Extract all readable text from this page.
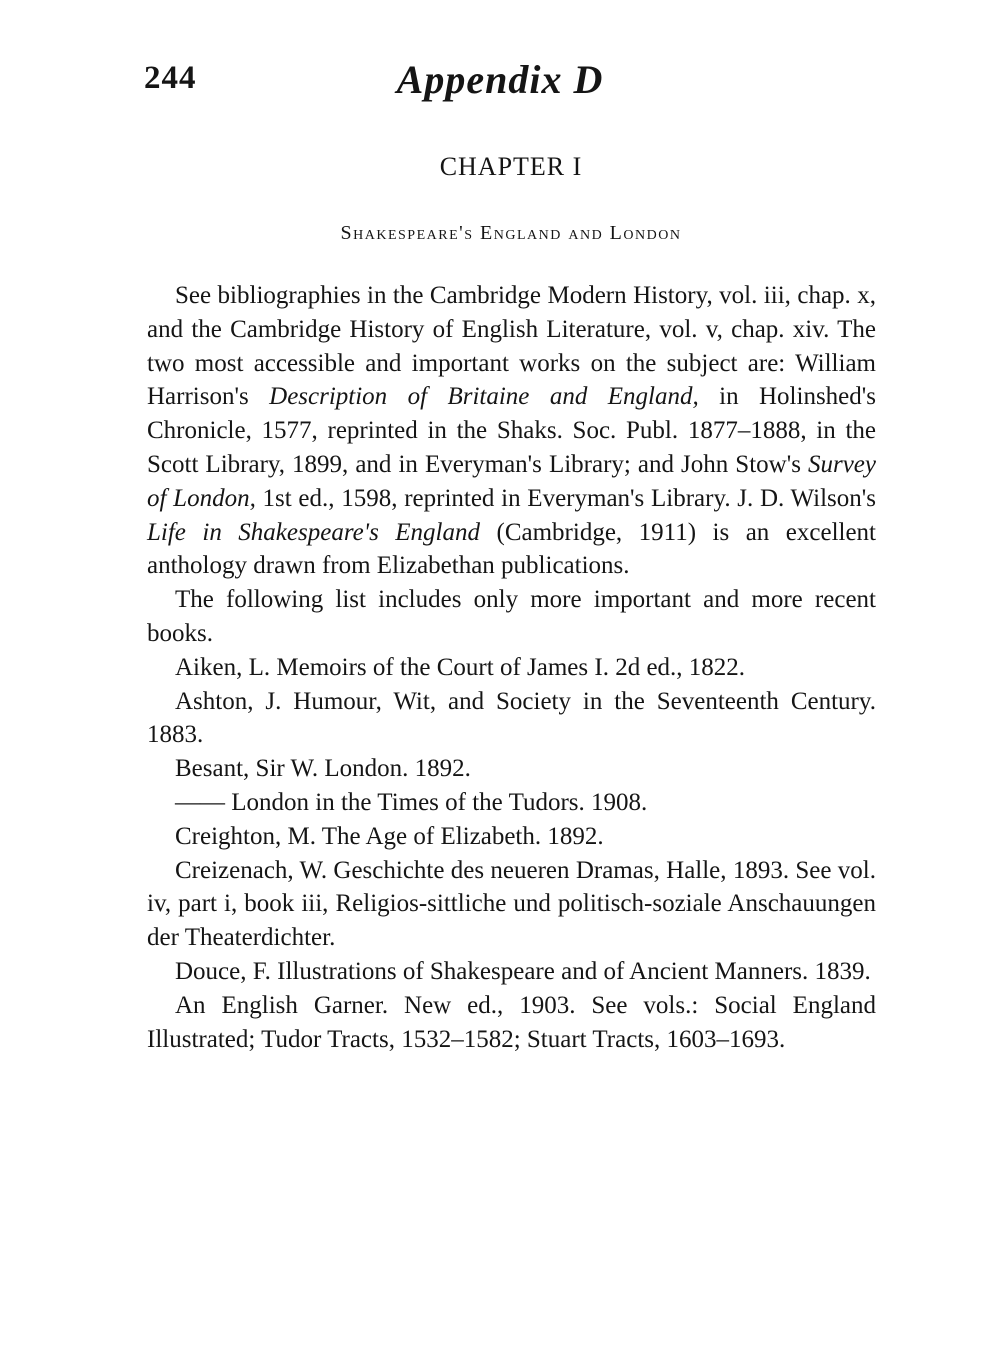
244	Appendix D
CHAPTER I
Shakespeare's England and London

See bibliographies in the Cambridge Modern History, vol. iii, chap. x, and the Cambridge History of English Literature, vol. v, chap. xiv. The two most accessible and important works on the subject are: William Harrison's Description of Britaine and England, in Holinshed's Chronicle, 1577, reprinted in the Shaks. Soc. Publ. 1877–1888, in the Scott Library, 1899, and in Everyman's Library; and John Stow's Survey of London, 1st ed., 1598, reprinted in Everyman's Library. J. D. Wilson's Life in Shakespeare's England (Cambridge, 1911) is an excellent anthology drawn from Elizabethan publications.

The following list includes only more important and more recent books.

Aiken, L. Memoirs of the Court of James I. 2d ed., 1822.

Ashton, J. Humour, Wit, and Society in the Seventeenth Century. 1883.

Besant, Sir W. London. 1892.

—— London in the Times of the Tudors. 1908.

Creighton, M. The Age of Elizabeth. 1892.

Creizenach, W. Geschichte des neueren Dramas, Halle, 1893. See vol. iv, part i, book iii, Religios-sittliche und politisch-soziale Anschauungen der Theaterdichter.

Douce, F. Illustrations of Shakespeare and of Ancient Manners. 1839.

An English Garner. New ed., 1903. See vols.: Social England Illustrated; Tudor Tracts, 1532–1582; Stuart Tracts, 1603–1693.
